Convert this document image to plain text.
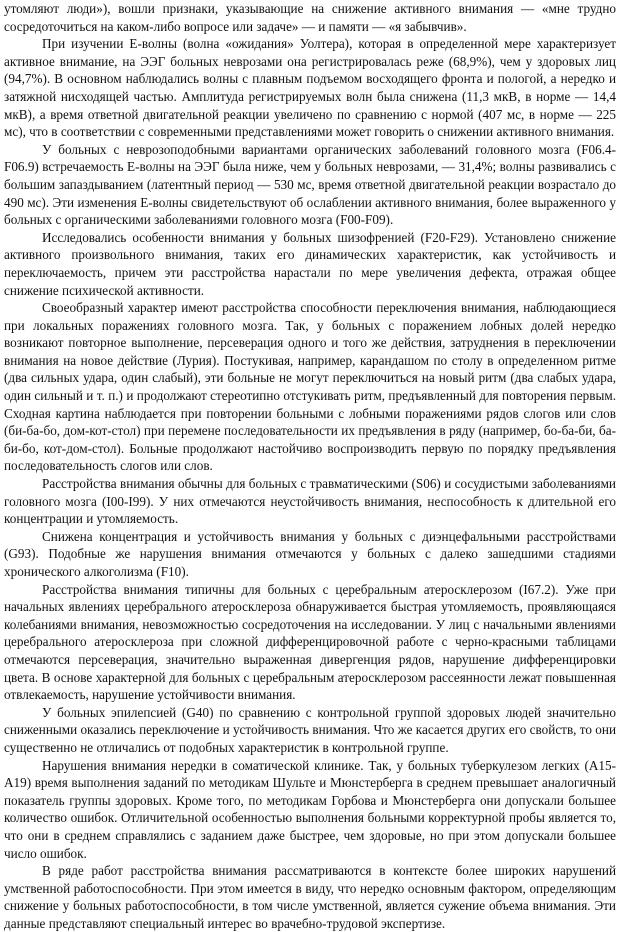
утомляют люди»), вошли признаки, указывающие на снижение активного внимания — «мне трудно сосредоточиться на каком-либо вопросе или задаче» — и памяти — «я забывчив».

При изучении Е-волны (волна «ожидания» Уолтера), которая в определенной мере характеризует активное внимание, на ЭЭГ больных неврозами она регистрировалась реже (68,9%), чем у здоровых лиц (94,7%). В основном наблюдались волны с плавным подъемом восходящего фронта и пологой, а нередко и затяжной нисходящей частью. Амплитуда регистрируемых волн была снижена (11,3 мкВ, в норме — 14,4 мкВ), а время ответной двигательной реакции увеличено по сравнению с нормой (407 мс, в норме — 225 мс), что в соответствии с современными представлениями может говорить о снижении активного внимания.

У больных с неврозоподобными вариантами органических заболеваний головного мозга (F06.4-F06.9) встречаемость Е-волны на ЭЭГ была ниже, чем у больных неврозами, — 31,4%; волны развивались с большим запаздыванием (латентный период — 530 мс, время ответной двигательной реакции возрастало до 490 мс). Эти изменения Е-волны свидетельствуют об ослаблении активного внимания, более выраженного у больных с органическими заболеваниями головного мозга (F00-F09).

Исследовались особенности внимания у больных шизофренией (F20-F29). Установлено снижение активного произвольного внимания, таких его динамических характеристик, как устойчивость и переключаемость, причем эти расстройства нарастали по мере увеличения дефекта, отражая общее снижение психической активности.

Своеобразный характер имеют расстройства способности переключения внимания, наблюдающиеся при локальных поражениях головного мозга. Так, у больных с поражением лобных долей нередко возникают повторное выполнение, персеверация одного и того же действия, затруднения в переключении внимания на новое действие (Лурия). Постукивая, например, карандашом по столу в определенном ритме (два сильных удара, один слабый), эти больные не могут переключиться на новый ритм (два слабых удара, один сильный и т. п.) и продолжают стереотипно отстукивать ритм, предъявленный для повторения первым. Сходная картина наблюдается при повторении больными с лобными поражениями рядов слогов или слов (би-ба-бо, дом-кот-стол) при перемене последовательности их предъявления в ряду (например, бо-ба-би, ба-би-бо, кот-дом-стол). Больные продолжают настойчиво воспроизводить первую по порядку предъявления последовательность слогов или слов.

Расстройства внимания обычны для больных с травматическими (S06) и сосудистыми заболеваниями головного мозга (I00-I99). У них отмечаются неустойчивость внимания, неспособность к длительной его концентрации и утомляемость.

Снижена концентрация и устойчивость внимания у больных с диэнцефальными расстройствами (G93). Подобные же нарушения внимания отмечаются у больных с далеко зашедшими стадиями хронического алкоголизма (F10).

Расстройства внимания типичны для больных с церебральным атеросклерозом (I67.2). Уже при начальных явлениях церебрального атеросклероза обнаруживается быстрая утомляемость, проявляющаяся колебаниями внимания, невозможностью сосредоточения на исследовании. У лиц с начальными явлениями церебрального атеросклероза при сложной дифференцировочной работе с черно-красными таблицами отмечаются персеверация, значительно выраженная дивергенция рядов, нарушение дифференцировки цвета. В основе характерной для больных с церебральным атеросклерозом рассеянности лежат повышенная отвлекаемость, нарушение устойчивости внимания.

У больных эпилепсией (G40) по сравнению с контрольной группой здоровых людей значительно сниженными оказались переключение и устойчивость внимания. Что же касается других его свойств, то они существенно не отличались от подобных характеристик в контрольной группе.

Нарушения внимания нередки в соматической клинике. Так, у больных туберкулезом легких (А15-А19) время выполнения заданий по методикам Шульте и Мюнстерберга в среднем превышает аналогичный показатель группы здоровых. Кроме того, по методикам Горбова и Мюнстерберга они допускали большее количество ошибок. Отличительной особенностью выполнения больными корректурной пробы является то, что они в среднем справлялись с заданием даже быстрее, чем здоровые, но при этом допускали большее число ошибок.

В ряде работ расстройства внимания рассматриваются в контексте более широких нарушений умственной работоспособности. При этом имеется в виду, что нередко основным фактором, определяющим снижение у больных работоспособности, в том числе умственной, является сужение объема внимания. Эти данные представляют специальный интерес во врачебно-трудовой экспертизе.
